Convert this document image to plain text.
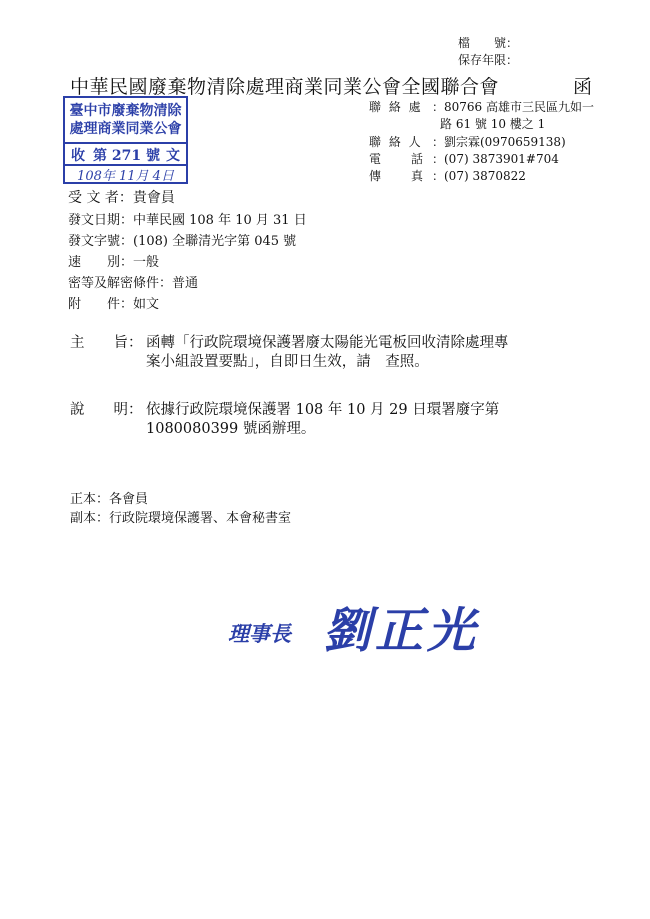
檔　　號：
保存年限：
中華民國廢棄物清除處理商業同業公會全國聯合會	函
臺中市廢棄物清除
處理商業同業公會
收 第 271 號 文
108年 11月 4日
聯 絡 處 ：80766 高雄市三民區九如一
路 61 號 10 樓之 1
聯 絡 人 ：劉宗霖(0970659138)
電　　話 ：(07) 3873901#704
傳　　真 ：(07) 3870822
受 文 者：貴會員
發文日期：中華民國 108 年 10 月 31 日
發文字號：(108) 全聯清光字第 045 號
速　　別：一般
密等及解密條件：普通
附　　件：如文
主　　旨： 函轉「行政院環境保護署廢太陽能光電板回收清除處理專
案小組設置要點」，自即日生效，請　查照。
說　　明： 依據行政院環境保護署 108 年 10 月 29 日環署廢字第
1080080399 號函辦理。
正本：各會員
副本：行政院環境保護署、本會秘書室
理事長 劉正光
